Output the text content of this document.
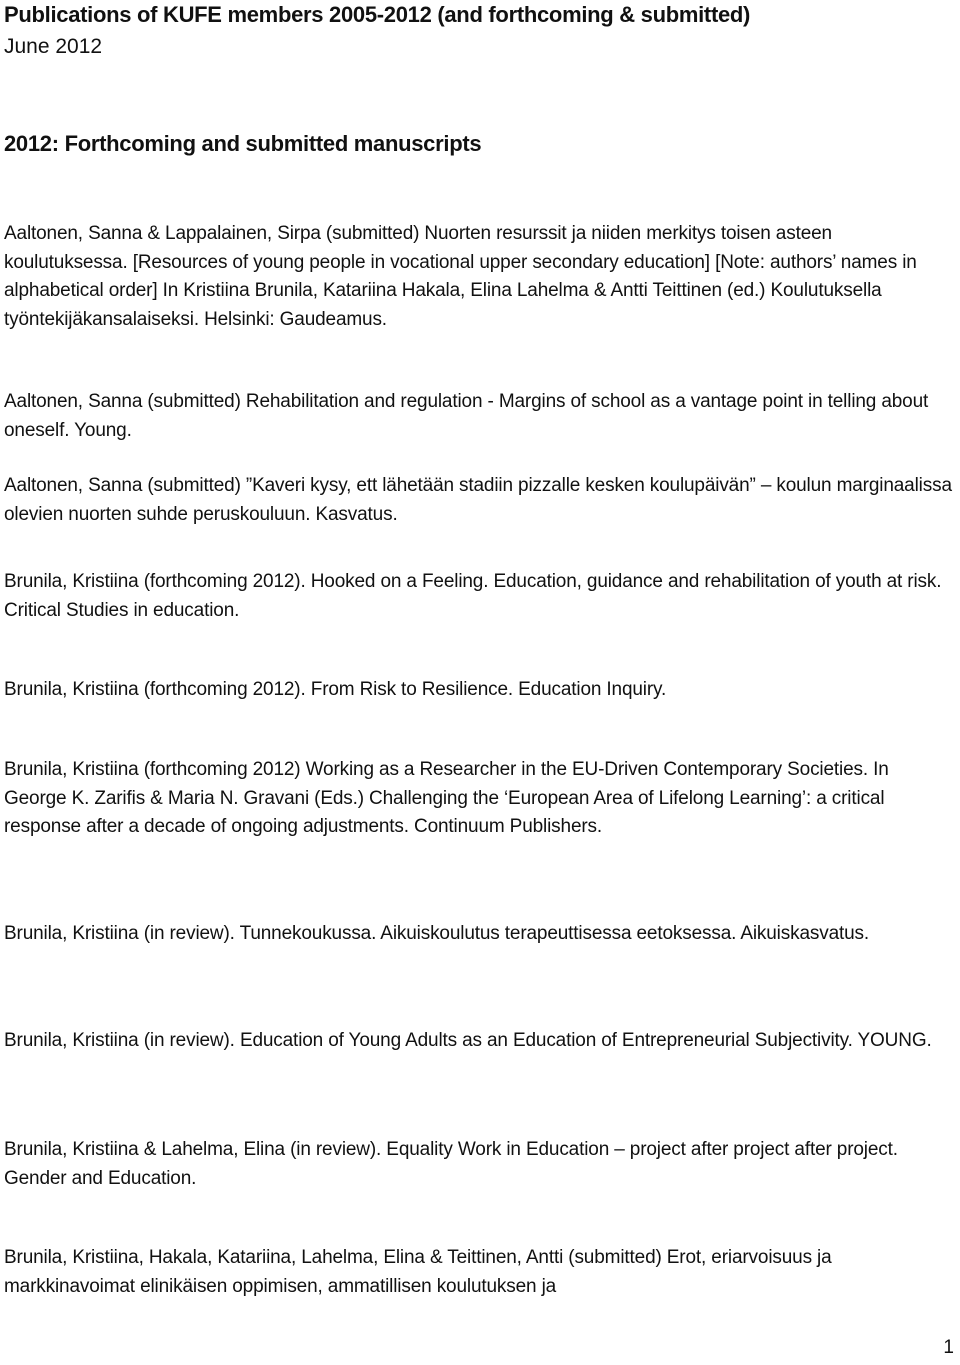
Publications of KUFE members 2005-2012 (and forthcoming & submitted)

June 2012

2012: Forthcoming and submitted manuscripts

Aaltonen, Sanna & Lappalainen, Sirpa (submitted) Nuorten resurssit ja niiden merkitys toisen asteen koulutuksessa. [Resources of young people in vocational upper secondary education] [Note: authors’ names in alphabetical order] In Kristiina Brunila, Katariina Hakala, Elina Lahelma & Antti Teittinen (ed.) Koulutuksella työntekijäkansalaiseksi. Helsinki: Gaudeamus.

Aaltonen, Sanna (submitted) Rehabilitation and regulation - Margins of school as a vantage point in telling about oneself. Young.

Aaltonen, Sanna (submitted) ”Kaveri kysy, ett lähetään stadiin pizzalle kesken koulupäivän” – koulun marginaalissa olevien nuorten suhde peruskouluun. Kasvatus.

Brunila, Kristiina (forthcoming 2012). Hooked on a Feeling. Education, guidance and rehabilitation of youth at risk. Critical Studies in education.

Brunila, Kristiina (forthcoming 2012). From Risk to Resilience. Education Inquiry.

Brunila, Kristiina (forthcoming 2012) Working as a Researcher in the EU-Driven Contemporary Societies. In George K. Zarifis & Maria N. Gravani (Eds.) Challenging the ‘European Area of Lifelong Learning’: a critical response after a decade of ongoing adjustments. Continuum Publishers.

Brunila, Kristiina (in review). Tunnekoukussa. Aikuiskoulutus terapeuttisessa eetoksessa. Aikuiskasvatus.

Brunila, Kristiina (in review). Education of Young Adults as an Education of Entrepreneurial Subjectivity. YOUNG.

Brunila, Kristiina & Lahelma, Elina (in review). Equality Work in Education – project after project after project. Gender and Education.

Brunila, Kristiina, Hakala, Katariina, Lahelma, Elina & Teittinen, Antti (submitted) Erot, eriarvoisuus ja markkinavoimat elinikäisen oppimisen, ammatillisen koulutuksen ja

1
